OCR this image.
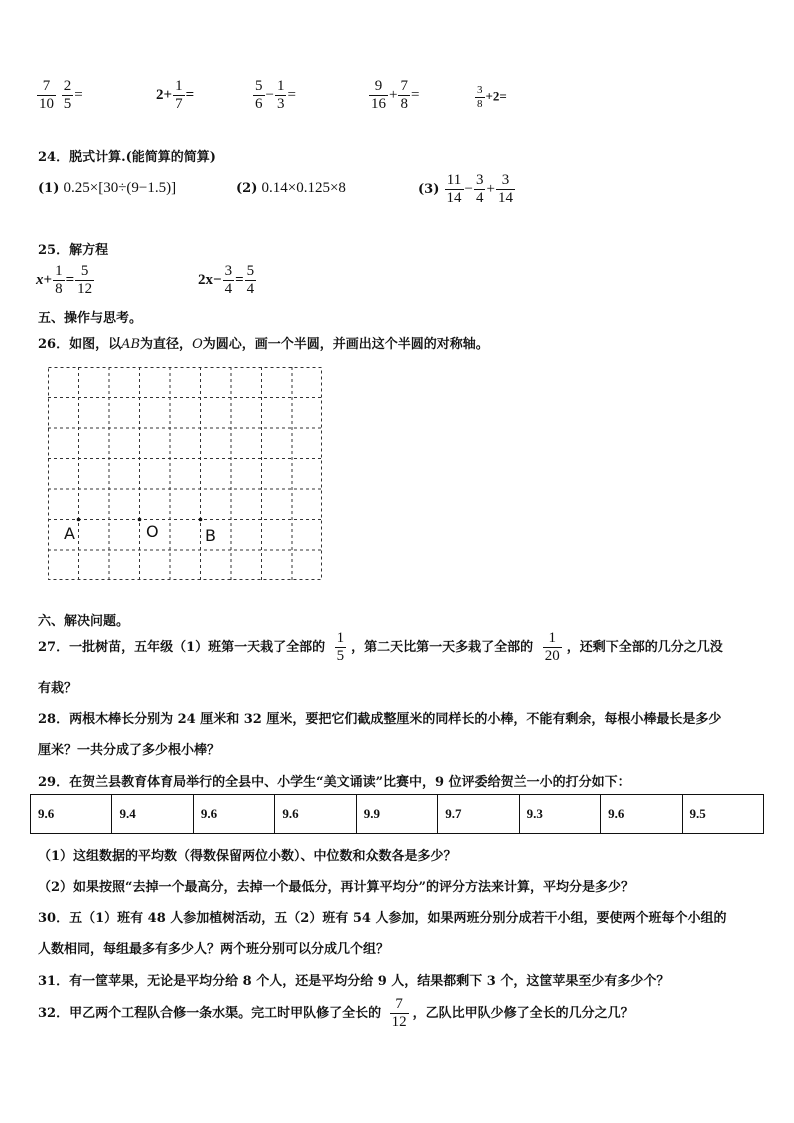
$\frac{7}{10}$
$\frac{2}{5}$ =	$2+ \frac{1}{7}$ =	$\frac{5}{6} - \frac{1}{3}$ =	$\frac{9}{16} + \frac{7}{8}$ =	$\frac{3}{8} +2=$
24．脱式计算.(能简算的简算)
(1) 0.25×[30÷(9−1.5)]	(2) 0.14×0.125×8	$(3) \frac{11}{14} - \frac{3}{4} + \frac{3}{14}$
25．解方程
$x+ \frac{1}{8} = \frac{5}{12}$	$2x- \frac{3}{4} = \frac{5}{4}$
五、操作与思考。
26．如图，以AB为直径，O为圆心，画一个半圆，并画出这个半圆的对称轴。
A	O	B
六、解决问题。
27．一批树苗，五年级（1）班第一天栽了全部的 $\frac{1}{5}$ ，第二天比第一天多栽了全部的 $\frac{1}{20}$ ，还剩下全部的几分之几没
有栽？
28．两根木棒长分别为 24 厘米和 32 厘米，要把它们截成整厘米的同样长的小棒，不能有剩余，每根小棒最长是多少
厘米？一共分成了多少根小棒？
29．在贺兰县教育体育局举行的全县中、小学生“美文诵读”比赛中，9 位评委给贺兰一小的打分如下：
9.6	9.4	9.6	9.6	9.9	9.7	9.3	9.6	9.5
（1）这组数据的平均数（得数保留两位小数）、中位数和众数各是多少？
（2）如果按照“去掉一个最高分，去掉一个最低分，再计算平均分”的评分方法来计算，平均分是多少？
30．五（1）班有 48 人参加植树活动，五（2）班有 54 人参加，如果两班分别分成若干小组，要使两个班每个小组的
人数相同，每组最多有多少人？两个班分别可以分成几个组？
31．有一筐苹果，无论是平均分给 8 个人，还是平均分给 9 人，结果都剩下 3 个，这筐苹果至少有多少个？
32．甲乙两个工程队合修一条水渠。完工时甲队修了全长的 $\frac{7}{12}$ ，乙队比甲队少修了全长的几分之几？
